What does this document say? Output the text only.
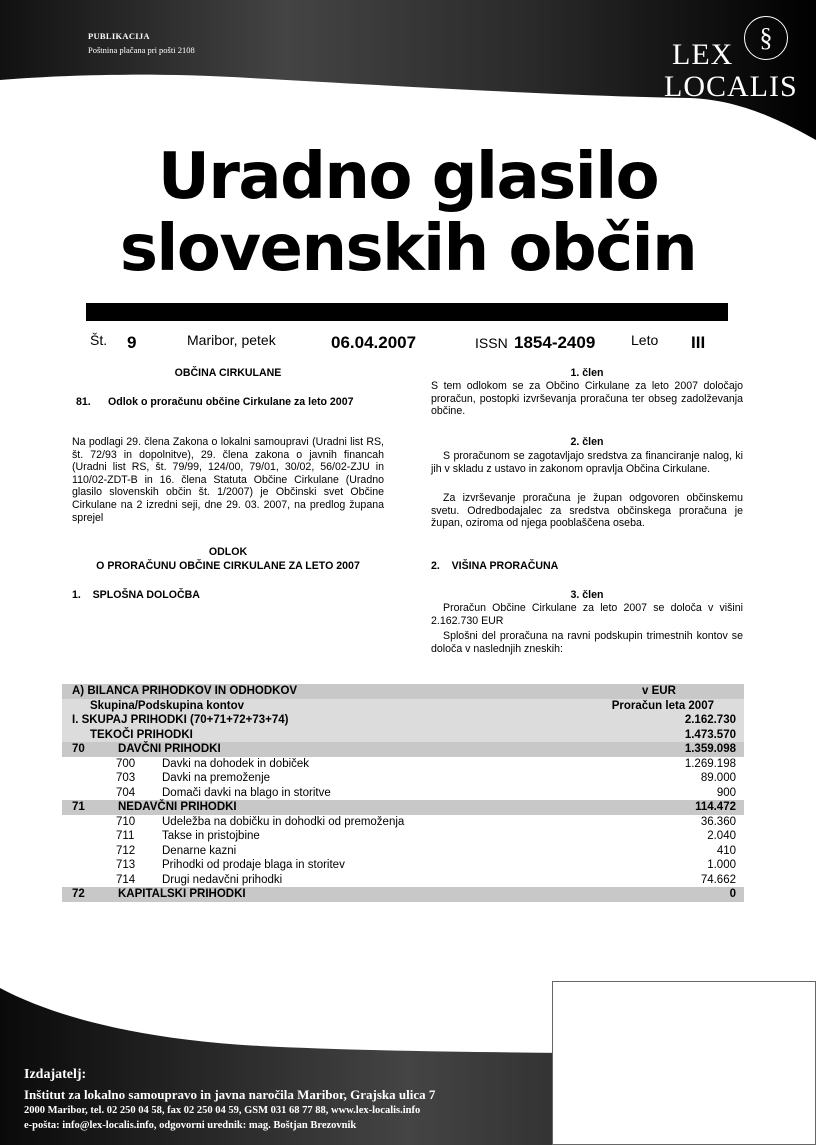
PUBLIKACIJA
Poštnina plačana pri pošti 2108	§
LEX
LOCALIS
Uradno glasilo
slovenskih občin
Št. 9	Maribor, petek	06.04.2007	ISSN 1854-2409	Leto III
OBČINA CIRKULANE
81. Odlok o proračunu občine Cirkulane za leto 2007
Na podlagi 29. člena Zakona o lokalni samoupravi (Uradni list RS, št. 72/93 in dopolnitve), 29. člena zakona o javnih financah (Uradni list RS, št. 79/99, 124/00, 79/01, 30/02, 56/02-ZJU in 110/02-ZDT-B in 16. člena Statuta Občine Cirkulane (Uradno glasilo slovenskih občin št. 1/2007) je Občinski svet Občine Cirkulane na 2 izredni seji, dne 29. 03. 2007, na predlog župana sprejel
ODLOK
O PRORAČUNU OBČINE CIRKULANE ZA LETO 2007
1.    SPLOŠNA DOLOČBA
1. člen
S tem odlokom se za Občino Cirkulane za leto 2007 določajo proračun, postopki izvrševanja proračuna ter obseg zadolževanja občine.
2. člen
S proračunom se zagotavljajo sredstva za financiranje nalog, ki jih v skladu z ustavo in zakonom opravlja Občina Cirkulane.
Za izvrševanje proračuna je župan odgovoren občinskemu svetu. Odredbodajalec za sredstva občinskega proračuna je župan, oziroma od njega pooblaščena oseba.
2.    VIŠINA PRORAČUNA
3. člen
Proračun Občine Cirkulane za leto 2007 se določa v višini 2.162.730 EUR
Splošni del proračuna na ravni podskupin trimestnih kontov se določa v naslednjih zneskih:
A) BILANCA PRIHODKOV IN ODHODKOV			v EUR
Skupina/Podskupina kontov			Proračun leta 2007
I. SKUPAJ PRIHODKI (70+71+72+73+74)			2.162.730
TEKOČI PRIHODKI			1.473.570
70	DAVČNI PRIHODKI		1.359.098
	700	Davki na dohodek in dobiček	1.269.198
	703	Davki na premoženje	89.000
	704	Domači davki na blago in storitve	900
71	NEDAVČNI PRIHODKI		114.472
	710	Udeležba na dobičku in dohodki od premoženja	36.360
	711	Takse in pristojbine	2.040
	712	Denarne kazni	410
	713	Prihodki od prodaje blaga in storitev	1.000
	714	Drugi nedavčni prihodki	74.662
72	KAPITALSKI PRIHODKI		0
Izdajatelj:
Inštitut za lokalno samoupravo in javna naročila Maribor, Grajska ulica 7
2000 Maribor, tel. 02 250 04 58, fax 02 250 04 59, GSM 031 68 77 88, www.lex-localis.info
e-pošta: info@lex-localis.info, odgovorni urednik: mag. Boštjan Brezovnik
